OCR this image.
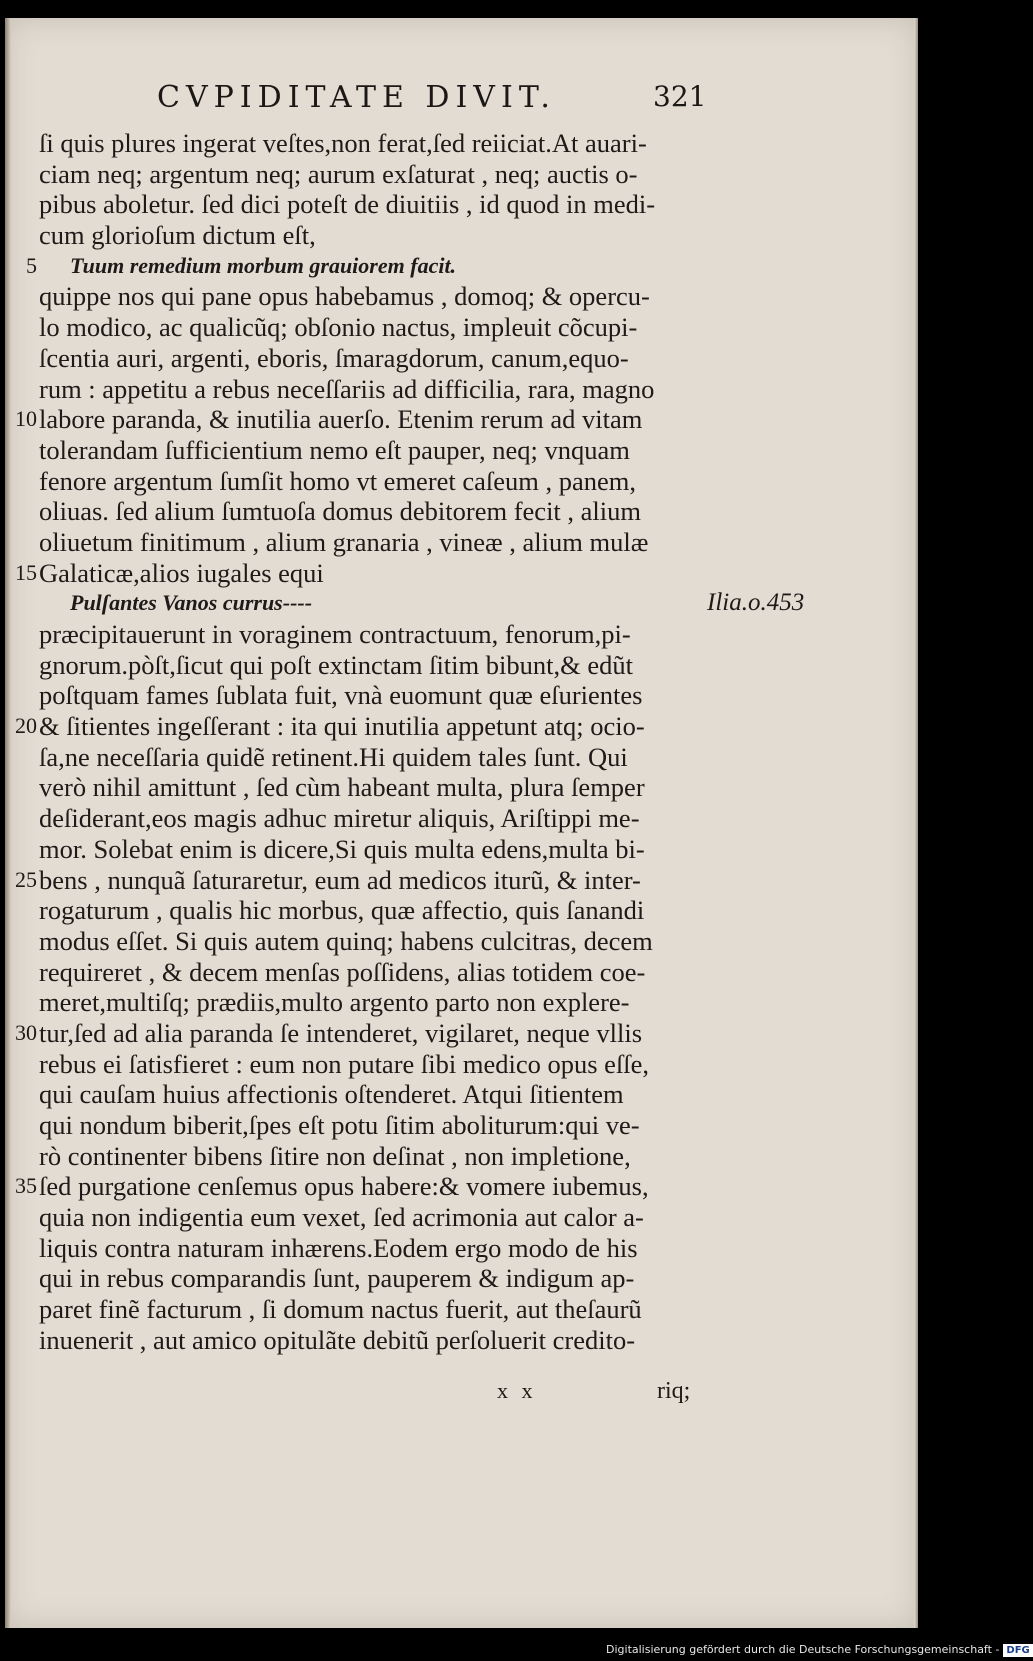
CVPIDITATE DIVIT.	321
ſi quis plures ingerat veſtes,non ferat,ſed reiiciat.At auari-
ciam neq; argentum neq; aurum exſaturat , neq; auctis o-
pibus aboletur. ſed dici poteſt de diuitiis , id quod in medi-
cum glorioſum dictum eſt,
5 Tuum remedium morbum grauiorem facit.
quippe nos qui pane opus habebamus , domoq; & opercu-
lo modico, ac qualicũq; obſonio nactus, impleuit cõcupi-
ſcentia auri, argenti, eboris, ſmaragdorum, canum,equo-
rum : appetitu a rebus neceſſariis ad difficilia, rara, magno
10 labore paranda, & inutilia auerſo. Etenim rerum ad vitam
tolerandam ſufficientium nemo eſt pauper, neq; vnquam
fenore argentum ſumſit homo vt emeret caſeum , panem,
oliuas. ſed alium ſumtuoſa domus debitorem fecit , alium
oliuetum finitimum , alium granaria , vineæ , alium mulæ
15 Galaticæ,alios iugales equi
Pulſantes Vanos currus----	Ilia.o.453
præcipitauerunt in voraginem contractuum, fenorum,pi-
gnorum.pòſt,ſicut qui poſt extinctam ſitim bibunt,& edũt
poſtquam fames ſublata fuit, vnà euomunt quæ eſurientes
20 & ſitientes ingeſſerant : ita qui inutilia appetunt atq; ocio-
ſa,ne neceſſaria quidẽ retinent.Hi quidem tales ſunt. Qui
verò nihil amittunt , ſed cùm habeant multa, plura ſemper
deſiderant,eos magis adhuc miretur aliquis, Ariſtippi me-
mor. Solebat enim is dicere,Si quis multa edens,multa bi-
25 bens , nunquã ſaturaretur, eum ad medicos iturũ, & inter-
rogaturum , qualis hic morbus, quæ affectio, quis ſanandi
modus eſſet. Si quis autem quinq; habens culcitras, decem
requireret , & decem menſas poſſidens, alias totidem coe-
meret,multiſq; prædiis,multo argento parto non explere-
30 tur,ſed ad alia paranda ſe intenderet, vigilaret, neque vllis
rebus ei ſatisfieret : eum non putare ſibi medico opus eſſe,
qui cauſam huius affectionis oſtenderet. Atqui ſitientem
qui nondum biberit,ſpes eſt potu ſitim aboliturum:qui ve-
rò continenter bibens ſitire non deſinat , non impletione,
35 ſed purgatione cenſemus opus habere:& vomere iubemus,
quia non indigentia eum vexet, ſed acrimonia aut calor a-
liquis contra naturam inhærens.Eodem ergo modo de his
qui in rebus comparandis ſunt, pauperem & indigum ap-
paret finẽ facturum , ſi domum nactus fuerit, aut theſaurũ
inuenerit , aut amico opitulãte debitũ perſoluerit credito-
x x	riq;
Digitalisierung gefördert durch die Deutsche Forschungsgemeinschaft - DFG
